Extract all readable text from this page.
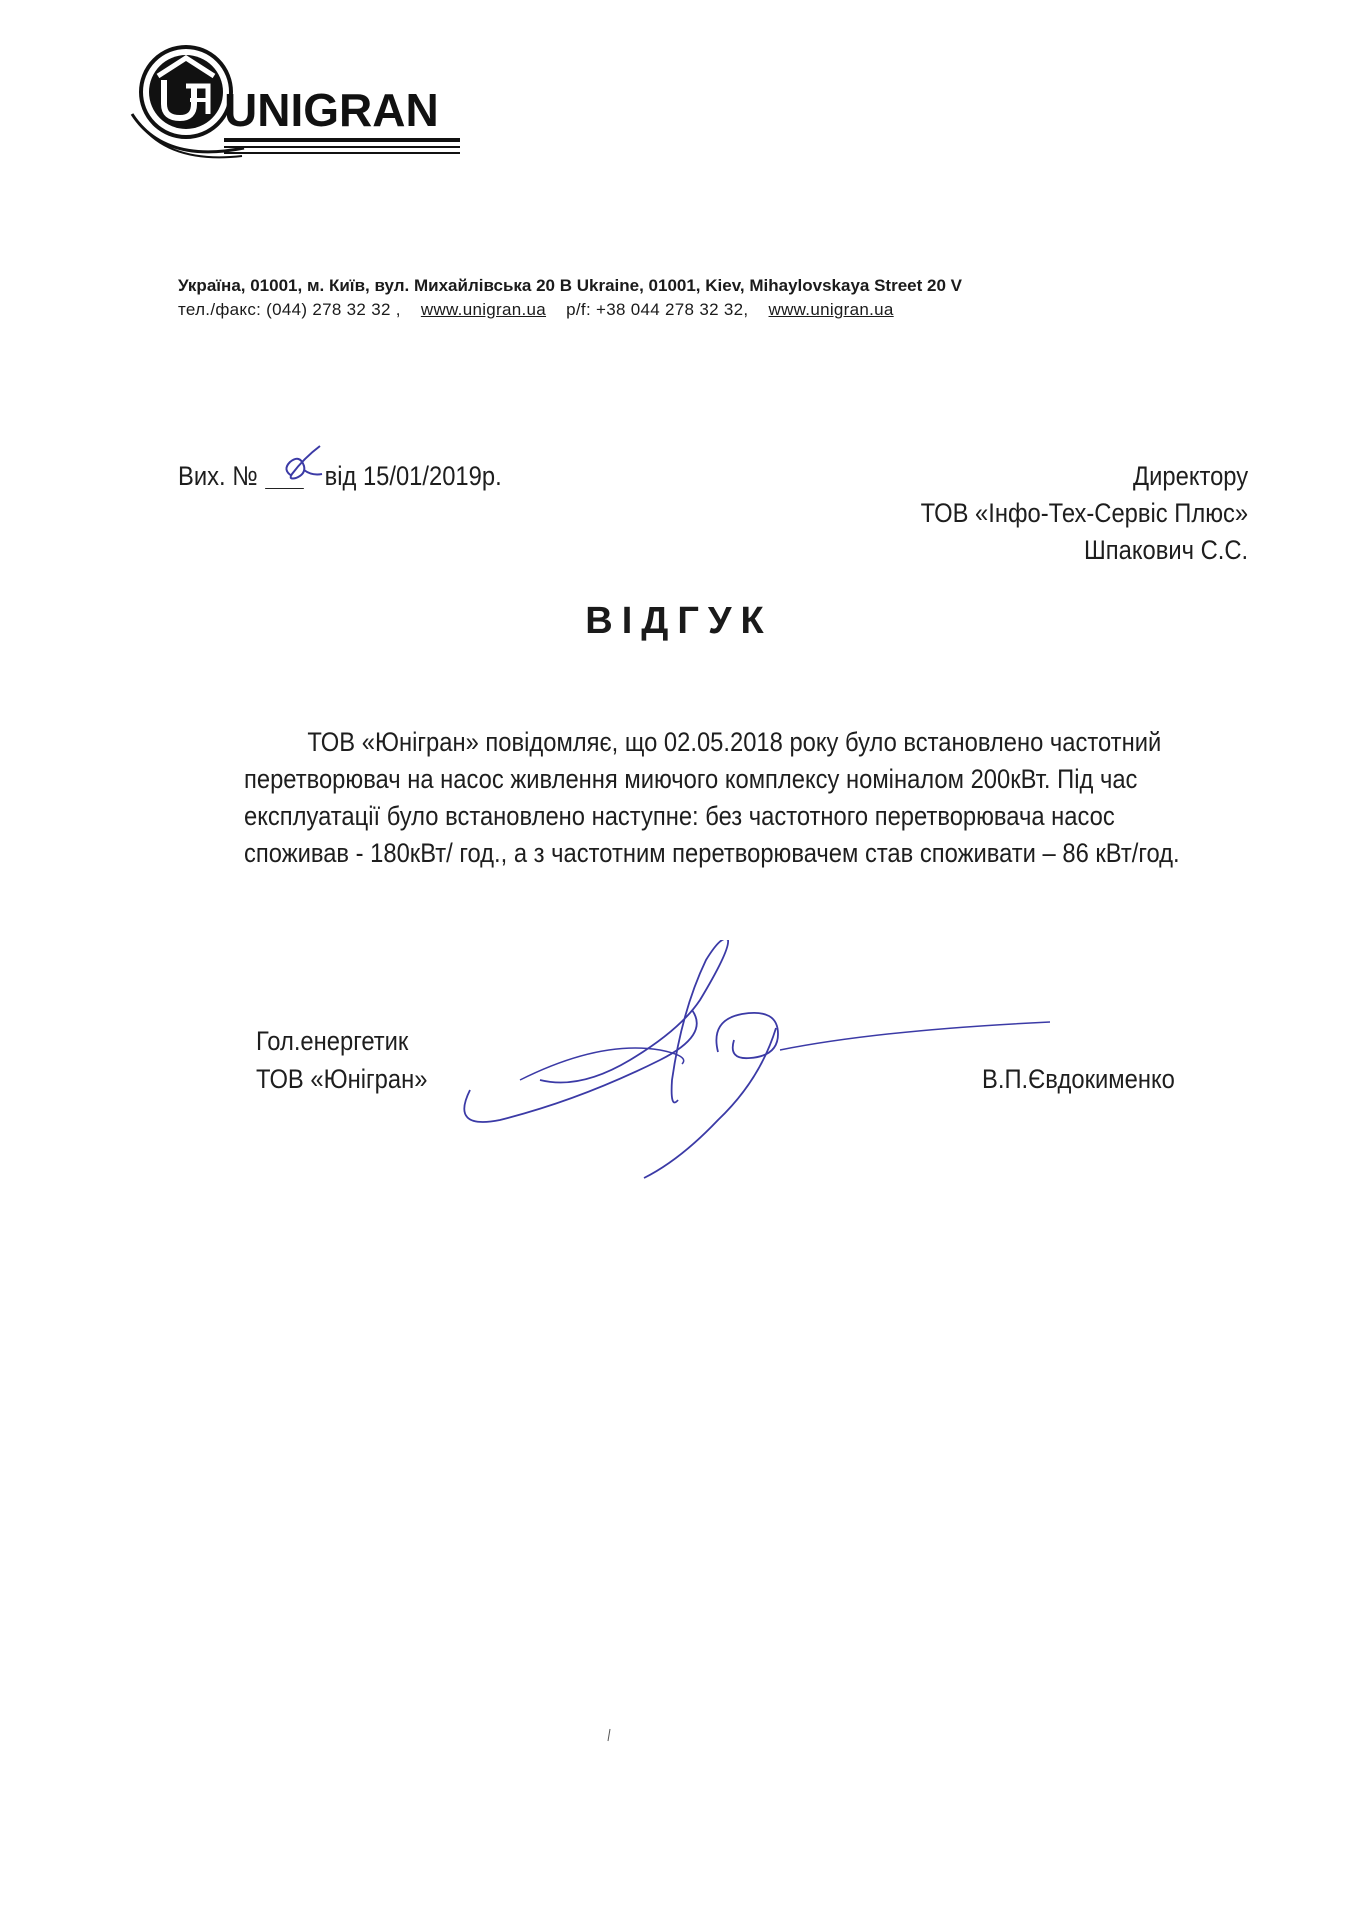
UNIGRAN
Україна, 01001, м. Київ, вул. Михайлівська 20 В Ukraine, 01001, Kiev, Mihaylovskaya Street 20 V
тел./факс: (044) 278 32 32 , www.unigran.ua p/f: +38 044 278 32 32, www.unigran.ua
Вих. № від 15/01/2019р.	Директору
ТОВ «Інфо-Тех-Сервіс Плюс»
Шпакович С.С.
ВІДГУК
ТОВ «Юнігран» повідомляє, що 02.05.2018 року було встановлено частотний
перетворювач на насос живлення миючого комплексу номіналом 200кВт. Під час
експлуатації було встановлено наступне: без частотного перетворювача насос
споживав - 180кВт/ год., а з частотним перетворювачем став споживати – 86 кВт/год.
Гол.енергетик
ТОВ «Юнігран»	В.П.Євдокименко
